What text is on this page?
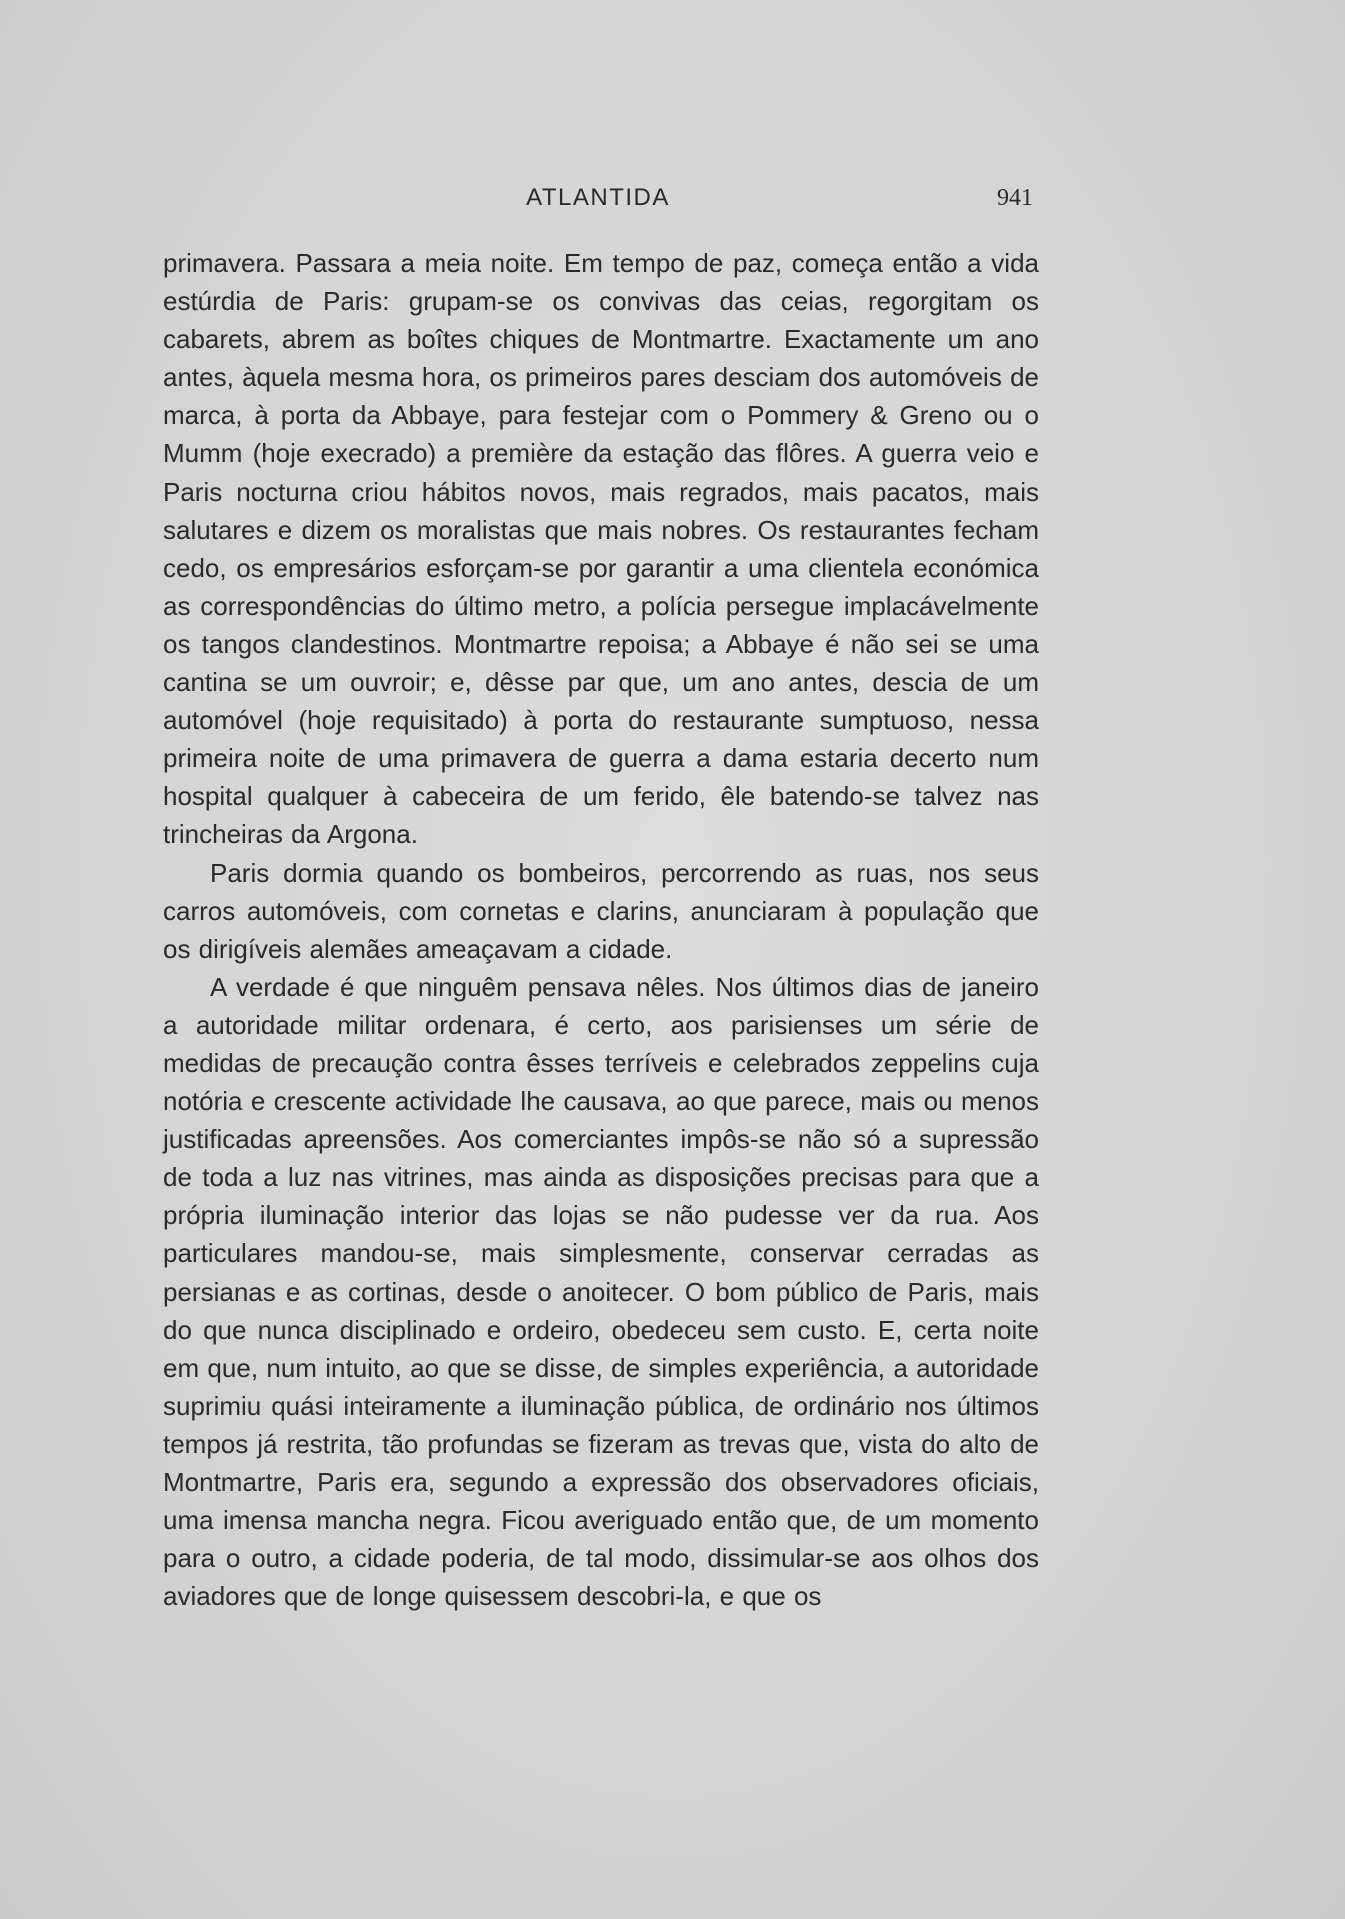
ATLANTIDA	941

primavera. Passara a meia noite. Em tempo de paz, começa então a vida estúrdia de Paris: grupam-se os convivas das ceias, regorgitam os cabarets, abrem as boîtes chiques de Montmartre. Exactamente um ano antes, àquela mesma hora, os primeiros pares desciam dos automóveis de marca, à porta da Abbaye, para festejar com o Pommery & Greno ou o Mumm (hoje execrado) a première da estação das flôres. A guerra veio e Paris nocturna criou hábitos novos, mais regrados, mais pacatos, mais salutares e dizem os moralistas que mais nobres. Os restaurantes fecham cedo, os empresários esforçam-se por garantir a uma clientela económica as correspondências do último metro, a polícia persegue implacávelmente os tangos clandestinos. Montmartre repoisa; a Abbaye é não sei se uma cantina se um ouvroir; e, dêsse par que, um ano antes, descia de um automóvel (hoje requisitado) à porta do restaurante sumptuoso, nessa primeira noite de uma primavera de guerra a dama estaria decerto num hospital qualquer à cabeceira de um ferido, êle batendo-se talvez nas trincheiras da Argona.

Paris dormia quando os bombeiros, percorrendo as ruas, nos seus carros automóveis, com cornetas e clarins, anunciaram à população que os dirigíveis alemães ameaçavam a cidade.

A verdade é que ninguêm pensava nêles. Nos últimos dias de janeiro a autoridade militar ordenara, é certo, aos parisienses um série de medidas de precaução contra êsses terríveis e celebrados zeppelins cuja notória e crescente actividade lhe causava, ao que parece, mais ou menos justificadas apreensões. Aos comerciantes impôs-se não só a supressão de toda a luz nas vitrines, mas ainda as disposições precisas para que a própria iluminação interior das lojas se não pudesse ver da rua. Aos particulares mandou-se, mais simplesmente, conservar cerradas as persianas e as cortinas, desde o anoitecer. O bom público de Paris, mais do que nunca disciplinado e ordeiro, obedeceu sem custo. E, certa noite em que, num intuito, ao que se disse, de simples experiência, a autoridade suprimiu quási inteiramente a iluminação pública, de ordinário nos últimos tempos já restrita, tão profundas se fizeram as trevas que, vista do alto de Montmartre, Paris era, segundo a expressão dos observadores oficiais, uma imensa mancha negra. Ficou averiguado então que, de um momento para o outro, a cidade poderia, de tal modo, dissimular-se aos olhos dos aviadores que de longe quisessem descobri-la, e que os
